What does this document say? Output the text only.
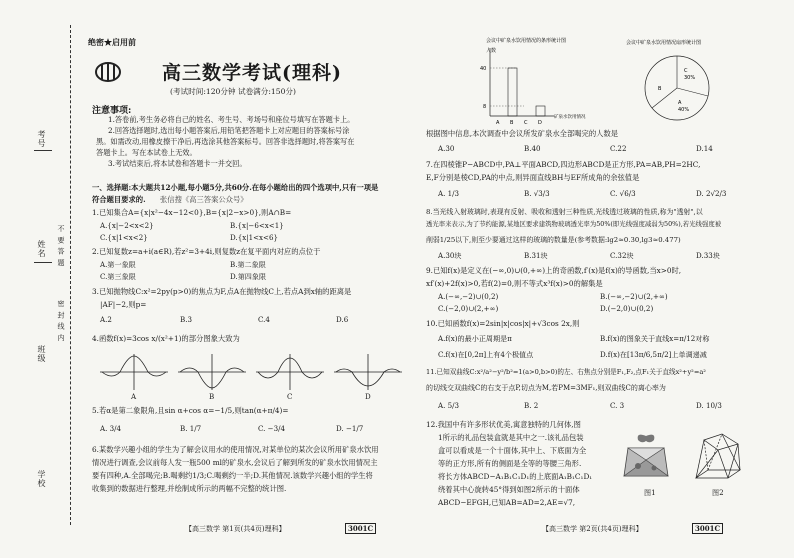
考号
姓名
班级
学校
不 要 答 题
密 封 线 内
绝密★启用前
高三数学考试(理科)
(考试时间:120分钟 试卷满分:150分)
注意事项:
1.答卷前,考生务必将自己的姓名、考生号、考场号和座位号填写在答题卡上。
2.回答选择题时,选出每小题答案后,用铅笔把答题卡上对应题目的答案标号涂
黑。如需改动,用橡皮擦干净后,再选涂其他答案标号。回答非选择题时,将答案写在
答题卡上。写在本试卷上无效。
3.考试结束后,将本试卷和答题卡一并交回。
一、选择题:本大题共12小题,每小题5分,共60分.在每小题给出的四个选项中,只有一项是
符合题目要求的. 张信搜《高三答案公众号》
1.已知集合A={x|x²−4x−12<0},B={x|2−x>0},则A∩B=
A.{x|−2<x<2}	B.{x|−6<x<1}
C.{x|1<x<2}	D.{x|1<x<6}
2.已知复数z=a+i(a∈R),若z²=3+4i,则复数z在复平面内对应的点位于
A.第一象限	B.第二象限
C.第三象限	D.第四象限
3.已知抛物线C:x²=2py(p>0)的焦点为F,点A在抛物线C上,若点A到x轴的距离是
|AF|−2,则p=
A.2	B.3	C.4	D.6
4.函数f(x)=3cos x/(x²+1)的部分图象大致为
A	B	C	D
5.若α是第二象限角,且sin α+cos α=−1/5,则tan(α+π/4)=
A. 3/4	B. 1/7	C. −3/4	D. −1/7
6.某数学兴趣小组的学生为了解会议用水的使用情况,对某单位的某次会议所用矿泉水饮用
情况进行调查,会议前每人发一瓶500 ml的矿泉水,会议后了解到所发的矿泉水饮用情况主
要有四种,A.全部喝完;B.喝剩约1/3;C.喝剩约一半;D.其他情况.该数学兴趣小组的学生将
收集到的数据进行整理,并绘制成所示的两幅不完整的统计图.
【高三数学 第1页(共4页)理科】	3001C	【高三数学 第2页(共4页)理科】	3001C
会议中矿泉水饮用情况的条形统计图
人数
40
8
A B C D
矿泉水饮用情况
会议中矿泉水饮用情况扇形统计图
C
30%
B
A
40%
根据图中信息,本次调查中会议所发矿泉水全部喝完的人数是
A.30	B.40	C.22	D.14
7.在四棱锥P−ABCD中,PA⊥平面ABCD,四边形ABCD是正方形,PA=AB,PH=2HC,
E,F分别是棱CD,PA的中点,则异面直线BH与EF所成角的余弦值是
A. 1/3	B. √3/3	C. √6/3	D. 2√2/3
8.当光线入射玻璃时,表现有反射、吸收和透射三种性质,光线透过玻璃的性质,称为"透射",以
透光率来表示,为了节约能源,某地区要求建筑物玻璃透光率为50%(即光线强度减弱为50%),若光线强度被
削弱1/25以下,则至少要通过这样的玻璃的数量是(参考数据:lg2≈0.30,lg3≈0.477)
A.30块	B.31块	C.32块	D.33块
9.已知f(x)是定义在(−∞,0)∪(0,+∞)上的奇函数,f′(x)是f(x)的导函数,当x>0时,
xf′(x)+2f(x)>0,若f(2)=0,则不等式x³f(x)>0的解集是
A.(−∞,−2)∪(0,2)	B.(−∞,−2)∪(2,+∞)
C.(−2,0)∪(2,+∞)	D.(−2,0)∪(0,2)
10.已知函数f(x)=2sin|x|cos|x|+√3cos 2x,则
A.f(x)的最小正周期是π	B.f(x)的图象关于直线x=π/12对称
C.f(x)在[0,2π]上有4个极值点	D.f(x)在[13π/6,5π/2]上单调递减
11.已知双曲线C:x²/a²−y²/b²=1(a>0,b>0)的左、右焦点分别是F₁,F₂,点F₁关于直线x²+y²=a²
的切线交双曲线C的右支于点P,切点为M,若PM=3MF₁,则双曲线C的离心率为
A. 5/3	B. 2	C. 3	D. 10/3
12.我国中有许多形状优美,寓意独特的几何体,图
1所示的礼品包装盒就是其中之一.该礼品包装
盒可以看成是一个十面体,其中上、下底面为全
等的正方形,所有的侧面是全等的等腰三角形.
将长方体ABCD−A₁B₁C₁D₁的上底面A₁B₁C₁D₁
绕着其中心旋转45°得到如图2所示的十面体
ABCD−EFGH,已知AB=AD=2,AE=√7,
图1	图2
